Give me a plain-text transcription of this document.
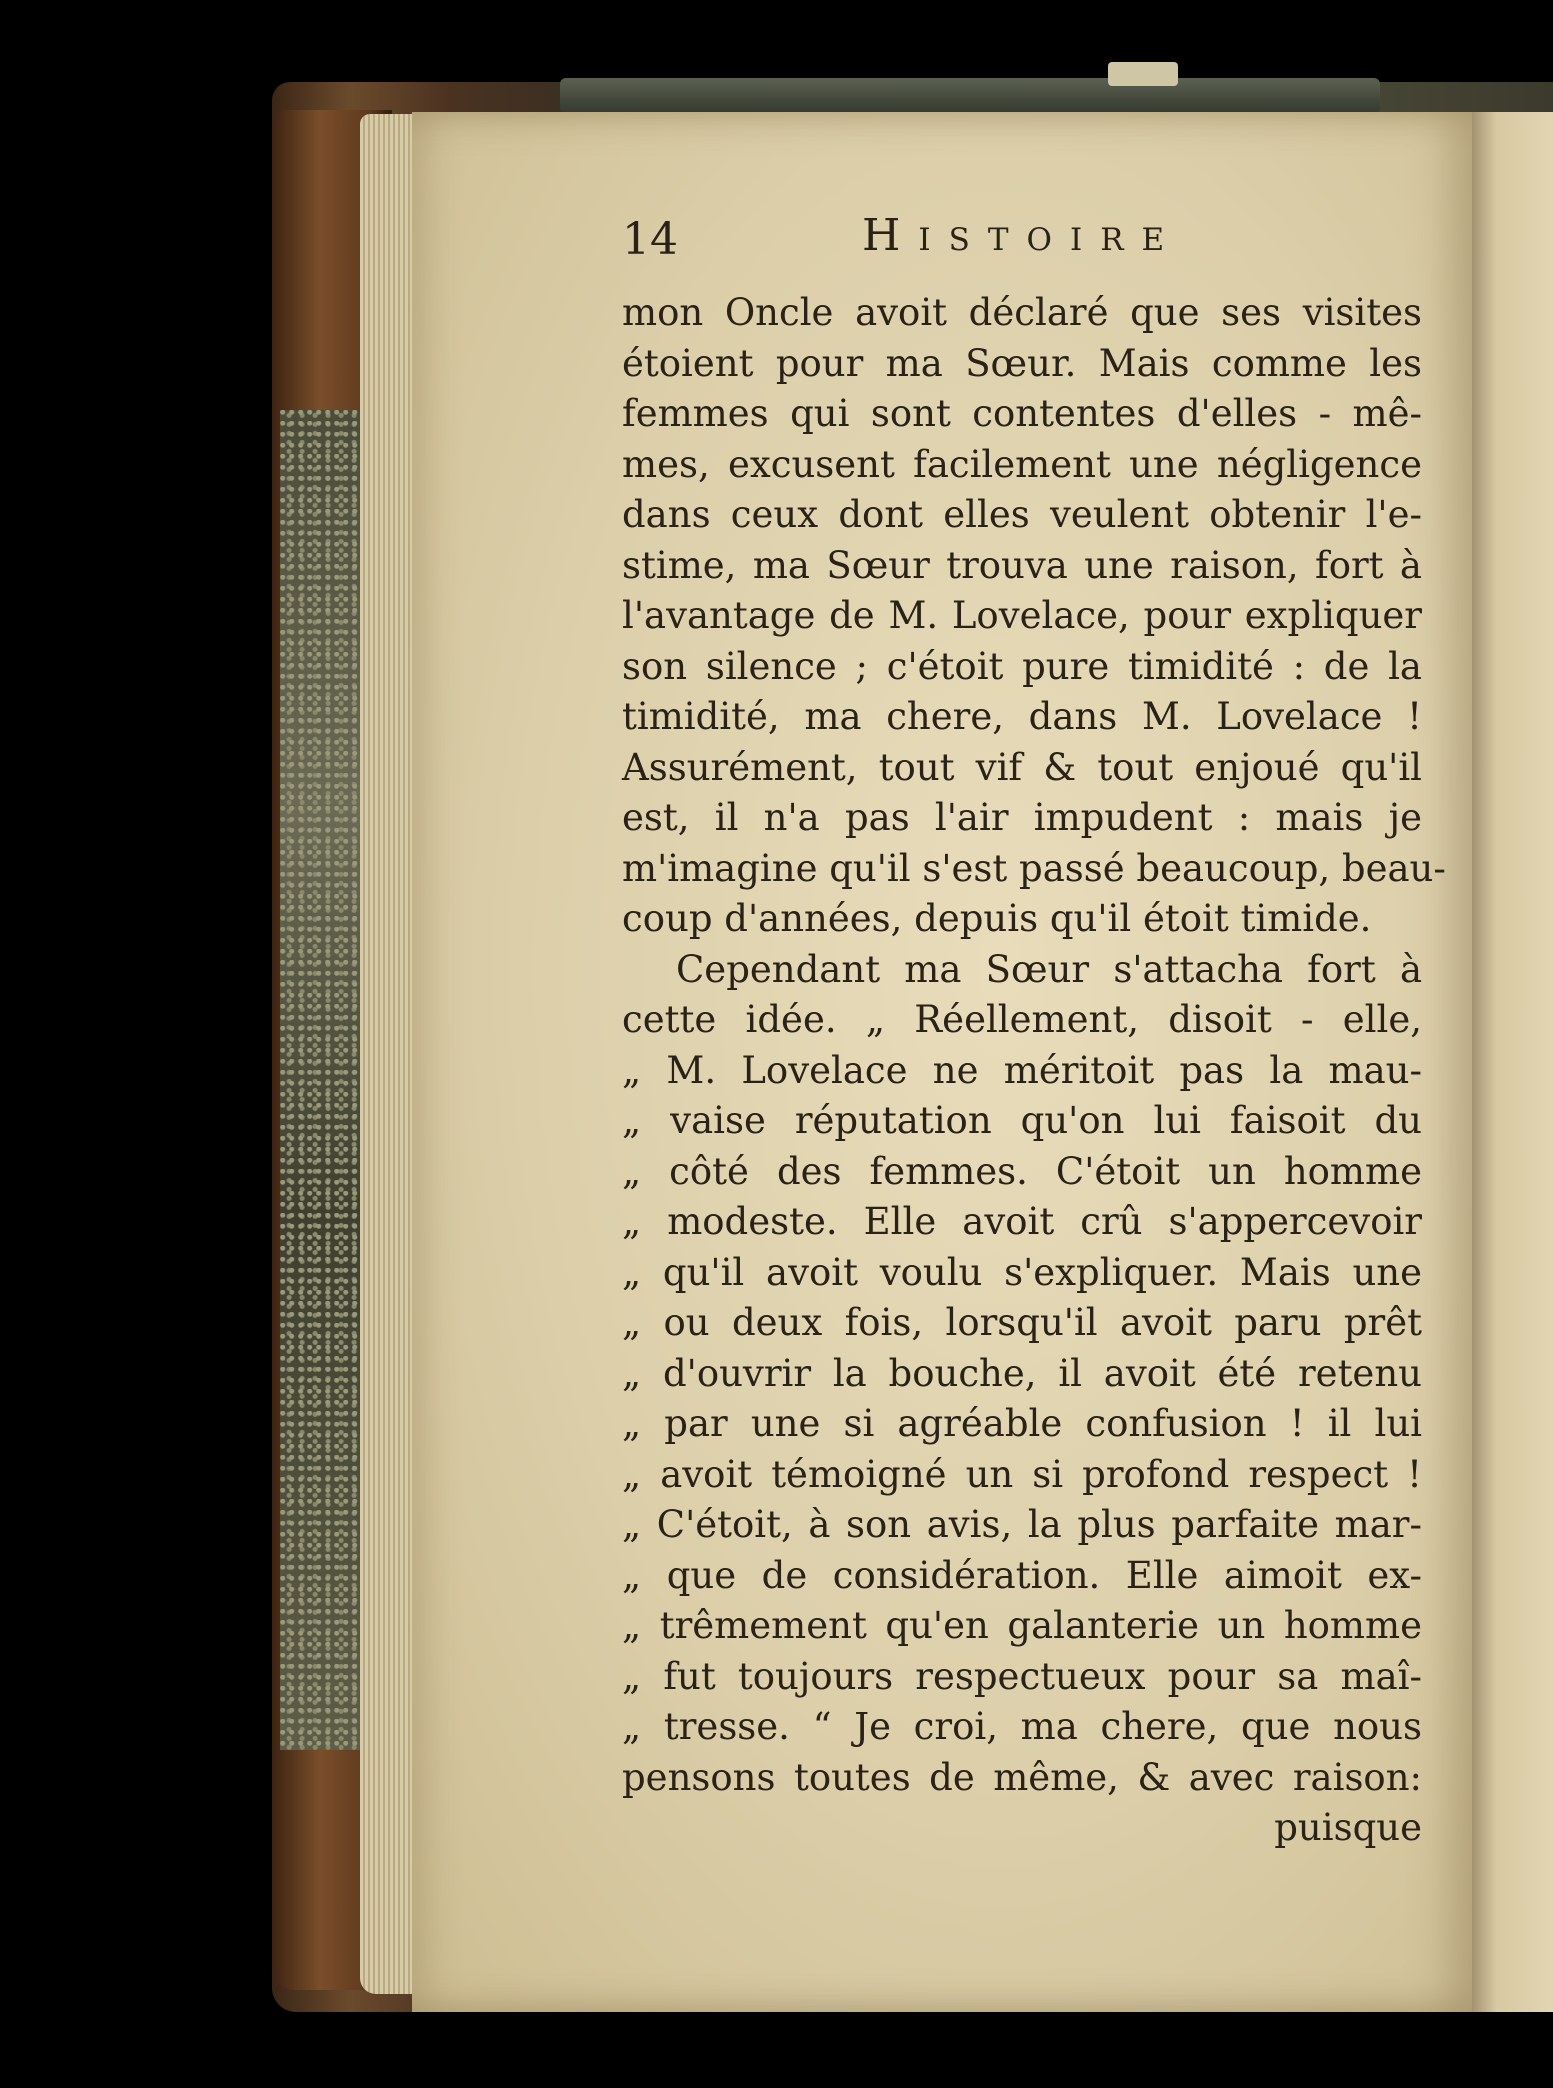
14	Histoire
mon Oncle avoit déclaré que ses visites
étoient pour ma Sœur. Mais comme les
femmes qui sont contentes d'elles - mê-
mes, excusent facilement une négligence
dans ceux dont elles veulent obtenir l'e-
stime, ma Sœur trouva une raison, fort à
l'avantage de M. Lovelace, pour expliquer
son silence ; c'étoit pure timidité : de la
timidité, ma chere, dans M. Lovelace !
Assurément, tout vif & tout enjoué qu'il
est, il n'a pas l'air impudent : mais je
m'imagine qu'il s'est passé beaucoup, beau-
coup d'années, depuis qu'il étoit timide.
Cependant ma Sœur s'attacha fort à
cette idée. „ Réellement, disoit - elle,
„ M. Lovelace ne méritoit pas la mau-
„ vaise réputation qu'on lui faisoit du
„ côté des femmes. C'étoit un homme
„ modeste. Elle avoit crû s'appercevoir
„ qu'il avoit voulu s'expliquer. Mais une
„ ou deux fois, lorsqu'il avoit paru prêt
„ d'ouvrir la bouche, il avoit été retenu
„ par une si agréable confusion ! il lui
„ avoit témoigné un si profond respect !
„ C'étoit, à son avis, la plus parfaite mar-
„ que de considération. Elle aimoit ex-
„ trêmement qu'en galanterie un homme
„ fut toujours respectueux pour sa maî-
„ tresse. “ Je croi, ma chere, que nous
pensons toutes de même, & avec raison:
puisque
